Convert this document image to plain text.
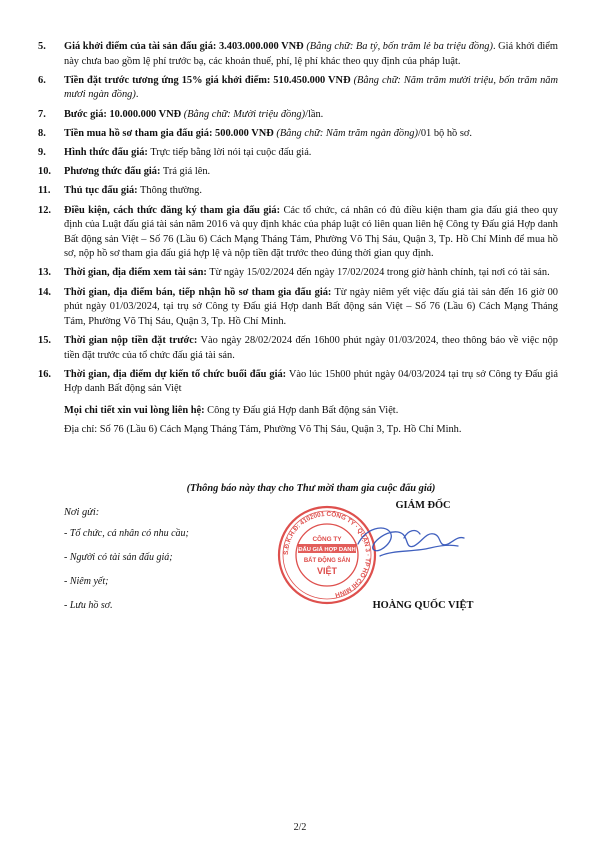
5.	Giá khởi điểm của tài sản đấu giá: 3.403.000.000 VNĐ (Bằng chữ: Ba tỷ, bốn trăm lẻ ba triệu đồng). Giá khởi điểm này chưa bao gồm lệ phí trước bạ, các khoản thuế, phí, lệ phí khác theo quy định của pháp luật.
6.	Tiền đặt trước tương ứng 15% giá khởi điểm: 510.450.000 VNĐ (Bằng chữ: Năm trăm mười triệu, bốn trăm năm mươi ngàn đồng).
7.	Bước giá: 10.000.000 VNĐ (Bằng chữ: Mười triệu đồng)/lần.
8.	Tiền mua hồ sơ tham gia đấu giá: 500.000 VNĐ (Bằng chữ: Năm trăm ngàn đồng)/01 bộ hồ sơ.
9.	Hình thức đấu giá: Trực tiếp bằng lời nói tại cuộc đấu giá.
10.	Phương thức đấu giá: Trả giá lên.
11.	Thủ tục đấu giá: Thông thường.
12.	Điều kiện, cách thức đăng ký tham gia đấu giá: Các tổ chức, cá nhân có đủ điều kiện tham gia đấu giá theo quy định của Luật đấu giá tài sản năm 2016 và quy định khác của pháp luật có liên quan liên hệ Công ty Đấu giá Hợp danh Bất động sản Việt – Số 76 (Lầu 6) Cách Mạng Tháng Tám, Phường Võ Thị Sáu, Quận 3, Tp. Hồ Chí Minh để mua hồ sơ, nộp hồ sơ tham gia đấu giá hợp lệ và nộp tiền đặt trước theo đúng thời gian quy định.
13.	Thời gian, địa điểm xem tài sản: Từ ngày 15/02/2024 đến ngày 17/02/2024 trong giờ hành chính, tại nơi có tài sản.
14.	Thời gian, địa điểm bán, tiếp nhận hồ sơ tham gia đấu giá: Từ ngày niêm yết việc đấu giá tài sản đến 16 giờ 00 phút ngày 01/03/2024, tại trụ sở Công ty Đấu giá Hợp danh Bất động sản Việt – Số 76 (Lầu 6) Cách Mạng Tháng Tám, Phường Võ Thị Sáu, Quận 3, Tp. Hồ Chí Minh.
15.	Thời gian nộp tiền đặt trước: Vào ngày 28/02/2024 đến 16h00 phút ngày 01/03/2024, theo thông báo về việc nộp tiền đặt trước của tổ chức đấu giá tài sản.
16.	Thời gian, địa điểm dự kiến tổ chức buổi đấu giá: Vào lúc 15h00 phút ngày 04/03/2024 tại trụ sở Công ty Đấu giá Hợp danh Bất động sản Việt
Mọi chi tiết xin vui lòng liên hệ: Công ty Đấu giá Hợp danh Bất động sản Việt.
Địa chỉ: Số 76 (Lầu 6) Cách Mạng Tháng Tám, Phường Võ Thị Sáu, Quận 3, Tp. Hồ Chí Minh.
(Thông báo này thay cho Thư mời tham gia cuộc đấu giá)
Nơi gửi:
- Tổ chức, cá nhân có nhu cầu;
- Người có tài sản đấu giá;
- Niêm yết;
- Lưu hồ sơ.
GIÁM ĐỐC
S.Đ.K.H.Đ: 4102001 CÔNG TY · QUẬN 3 · TP HỒ CHÍ MINH
CÔNG TY
ĐẤU GIÁ HỢP DANH
BẤT ĐỘNG SẢN
VIỆT
HOÀNG QUỐC VIỆT
2/2
